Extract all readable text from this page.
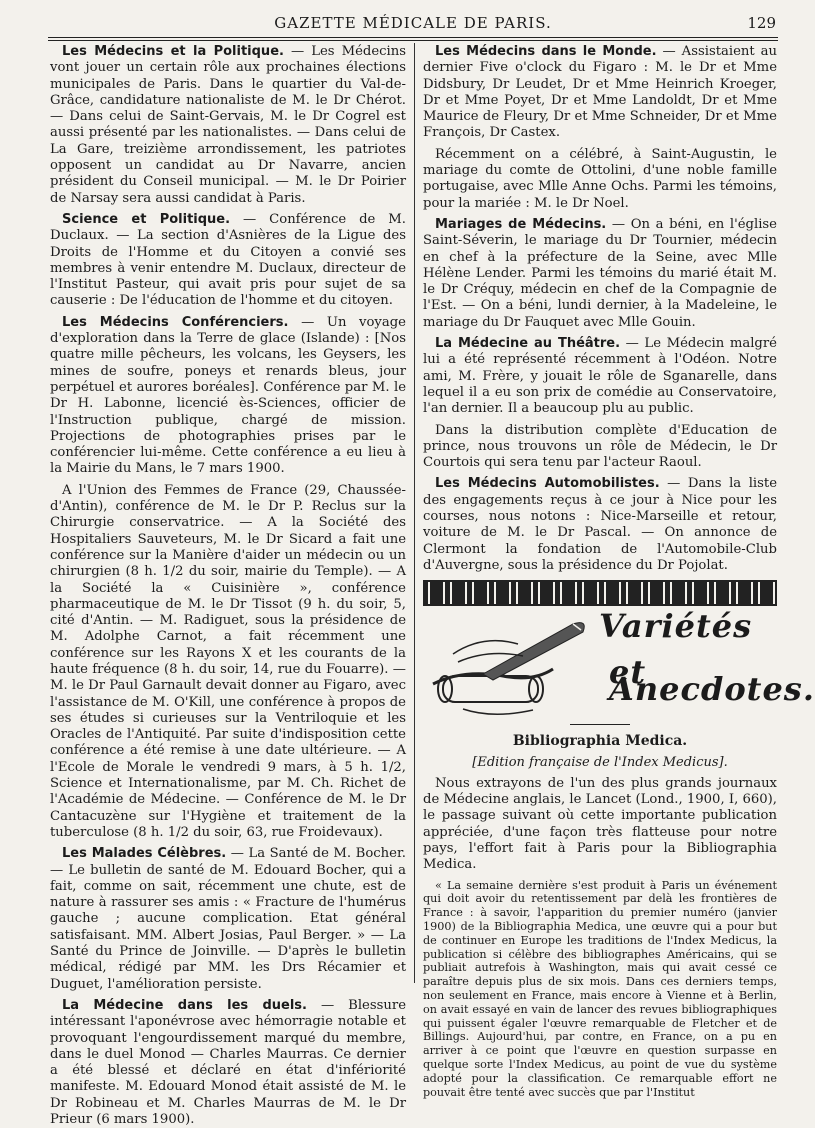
GAZETTE MÉDICALE DE PARIS.	129

Les Médecins et la Politique. — Les Médecins vont jouer un certain rôle aux prochaines élections municipales de Paris. Dans le quartier du Val-de-Grâce, candidature nationaliste de M. le Dr Chérot. — Dans celui de Saint-Gervais, M. le Dr Cogrel est aussi présenté par les nationalistes. — Dans celui de La Gare, treizième arrondissement, les patriotes opposent un candidat au Dr Navarre, ancien président du Conseil municipal. — M. le Dr Poirier de Narsay sera aussi candidat à Paris.

Science et Politique. — Conférence de M. Duclaux. — La section d'Asnières de la Ligue des Droits de l'Homme et du Citoyen a convié ses membres à venir entendre M. Duclaux, directeur de l'Institut Pasteur, qui avait pris pour sujet de sa causerie : De l'éducation de l'homme et du citoyen.

Les Médecins Conférenciers. — Un voyage d'exploration dans la Terre de glace (Islande) : [Nos quatre mille pêcheurs, les volcans, les Geysers, les mines de soufre, poneys et renards bleus, jour perpétuel et aurores boréales]. Conférence par M. le Dr H. Labonne, licencié ès-Sciences, officier de l'Instruction publique, chargé de mission. Projections de photographies prises par le conférencier lui-même. Cette conférence a eu lieu à la Mairie du Mans, le 7 mars 1900.

A l'Union des Femmes de France (29, Chaussée-d'Antin), conférence de M. le Dr P. Reclus sur la Chirurgie conservatrice. — A la Société des Hospitaliers Sauveteurs, M. le Dr Sicard a fait une conférence sur la Manière d'aider un médecin ou un chirurgien (8 h. 1/2 du soir, mairie du Temple). — A la Société la « Cuisinière », conférence pharmaceutique de M. le Dr Tissot (9 h. du soir, 5, cité d'Antin. — M. Radiguet, sous la présidence de M. Adolphe Carnot, a fait récemment une conférence sur les Rayons X et les courants de la haute fréquence (8 h. du soir, 14, rue du Fouarre). — M. le Dr Paul Garnault devait donner au Figaro, avec l'assistance de M. O'Kill, une conférence à propos de ses études si curieuses sur la Ventriloquie et les Oracles de l'Antiquité. Par suite d'indisposition cette conférence a été remise à une date ultérieure. — A l'Ecole de Morale le vendredi 9 mars, à 5 h. 1/2, Science et Internationalisme, par M. Ch. Richet de l'Académie de Médecine. — Conférence de M. le Dr Cantacuzène sur l'Hygiène et traitement de la tuberculose (8 h. 1/2 du soir, 63, rue Froidevaux).

Les Malades Célèbres. — La Santé de M. Bocher. — Le bulletin de santé de M. Edouard Bocher, qui a fait, comme on sait, récemment une chute, est de nature à rassurer ses amis : « Fracture de l'humérus gauche ; aucune complication. Etat général satisfaisant. MM. Albert Josias, Paul Berger. » — La Santé du Prince de Joinville. — D'après le bulletin médical, rédigé par MM. les Drs Récamier et Duguet, l'amélioration persiste.

La Médecine dans les duels. — Blessure intéressant l'aponévrose avec hémorragie notable et provoquant l'engourdissement marqué du membre, dans le duel Monod — Charles Maurras. Ce dernier a été blessé et déclaré en état d'infériorité manifeste. M. Edouard Monod était assisté de M. le Dr Robineau et M. Charles Maurras de M. le Dr Prieur (6 mars 1900).

Les Médecins dans le Monde. — Assistaient au dernier Five o'clock du Figaro : M. le Dr et Mme Didsbury, Dr Leudet, Dr et Mme Heinrich Kroeger, Dr et Mme Poyet, Dr et Mme Landoldt, Dr et Mme Maurice de Fleury, Dr et Mme Schneider, Dr et Mme François, Dr Castex.

Récemment on a célébré, à Saint-Augustin, le mariage du comte de Ottolini, d'une noble famille portugaise, avec Mlle Anne Ochs. Parmi les témoins, pour la mariée : M. le Dr Noel.

Mariages de Médecins. — On a béni, en l'église Saint-Séverin, le mariage du Dr Tournier, médecin en chef à la préfecture de la Seine, avec Mlle Hélène Lender. Parmi les témoins du marié était M. le Dr Créquy, médecin en chef de la Compagnie de l'Est. — On a béni, lundi dernier, à la Madeleine, le mariage du Dr Fauquet avec Mlle Gouin.

La Médecine au Théâtre. — Le Médecin malgré lui a été représenté récemment à l'Odéon. Notre ami, M. Frère, y jouait le rôle de Sganarelle, dans lequel il a eu son prix de comédie au Conservatoire, l'an dernier. Il a beaucoup plu au public.

Dans la distribution complète d'Education de prince, nous trouvons un rôle de Médecin, le Dr Courtois qui sera tenu par l'acteur Raoul.

Les Médecins Automobilistes. — Dans la liste des engagements reçus à ce jour à Nice pour les courses, nous notons : Nice-Marseille et retour, voiture de M. le Dr Pascal. — On annonce de Clermont la fondation de l'Automobile-Club d'Auvergne, sous la présidence du Dr Pojolat.

Variétés
et Anecdotes.
Bibliographia Medica.
[Edition française de l'Index Medicus].

Nous extrayons de l'un des plus grands journaux de Médecine anglais, le Lancet (Lond., 1900, I, 660), le passage suivant où cette importante publication appréciée, d'une façon très flatteuse pour notre pays, l'effort fait à Paris pour la Bibliographia Medica.

« La semaine dernière s'est produit à Paris un événement qui doit avoir du retentissement par delà les frontières de France : à savoir, l'apparition du premier numéro (janvier 1900) de la Bibliographia Medica, une œuvre qui a pour but de continuer en Europe les traditions de l'Index Medicus, la publication si célèbre des bibliographes Américains, qui se publiait autrefois à Washington, mais qui avait cessé ce paraître depuis plus de six mois. Dans ces derniers temps, non seulement en France, mais encore à Vienne et à Berlin, on avait essayé en vain de lancer des revues bibliographiques qui puissent égaler l'œuvre remarquable de Fletcher et de Billings. Aujourd'hui, par contre, en France, on a pu en arriver à ce point que l'œuvre en question surpasse en quelque sorte l'Index Medicus, au point de vue du système adopté pour la classification. Ce remarquable effort ne pouvait être tenté avec succès que par l'Institut
